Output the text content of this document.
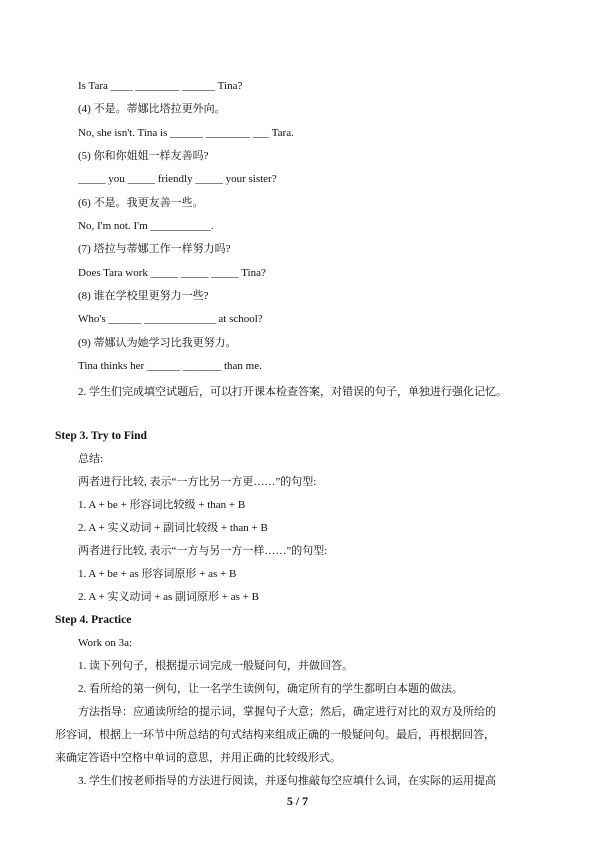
Is Tara ____ ________ ______ Tina?
(4) 不是。蒂娜比塔拉更外向。
No, she isn't. Tina is ______ ________ ___ Tara.
(5) 你和你姐姐一样友善吗?
_____ you _____ friendly _____ your sister?
(6) 不是。我更友善一些。
No, I'm not. I'm ___________.
(7) 塔拉与蒂娜工作一样努力吗?
Does Tara work _____ _____ _____ Tina?
(8) 谁在学校里更努力一些?
Who's ______ _____________ at school?
(9) 蒂娜认为她学习比我更努力。
Tina thinks her ______ _______ than me.
2. 学生们完成填空试题后，可以打开课本检查答案，对错误的句子，单独进行强化记忆。
Step 3. Try to Find
总结:
两者进行比较, 表示“一方比另一方更……”的句型:
1. A + be + 形容词比较级 + than + B
2. A + 实义动词 + 副词比较级 + than + B
两者进行比较, 表示“一方与另一方一样……”的句型:
1. A + be + as 形容词原形 + as + B
2. A + 实义动词 + as 副词原形 + as + B
Step 4. Practice
Work on 3a:
1. 读下列句子，根据提示词完成一般疑问句，并做回答。
2. 看所给的第一例句，让一名学生读例句，确定所有的学生都明白本题的做法。
方法指导：应通读所给的提示词，掌握句子大意；然后，确定进行对比的双方及所给的
形容词，根据上一环节中所总结的句式结构来组成正确的一般疑问句。最后，再根据回答，
来确定答语中空格中单词的意思，并用正确的比较级形式。
3. 学生们按老师指导的方法进行阅读，并逐句推敲每空应填什么词，在实际的运用提高
5 / 7
